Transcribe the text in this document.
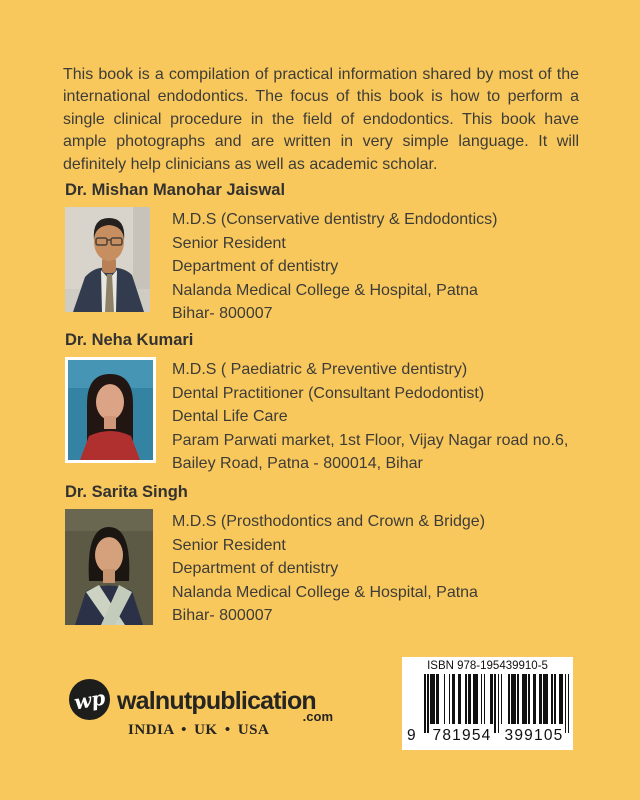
This book is a compilation of practical information shared by most of the international endodontics. The focus of this book is how to perform a single clinical procedure in the field of endodontics. This book have ample photographs and are written in very simple language. It will definitely help clinicians as well as academic scholar.

Dr. Mishan Manohar Jaiswal
M.D.S (Conservative dentistry & Endodontics)
Senior Resident
Department of dentistry
Nalanda Medical College & Hospital, Patna
Bihar- 800007
Dr. Neha Kumari
M.D.S ( Paediatric & Preventive dentistry)
Dental Practitioner (Consultant Pedodontist)
Dental Life Care
Param Parwati market, 1st Floor, Vijay Nagar road no.6,
Bailey Road, Patna - 800014, Bihar
Dr. Sarita Singh
M.D.S (Prosthodontics and Crown & Bridge)
Senior Resident
Department of dentistry
Nalanda Medical College & Hospital, Patna
Bihar- 800007
wp walnutpublication
.com
INDIA • UK • USA
ISBN 978-195439910-5
9 781954 399105
